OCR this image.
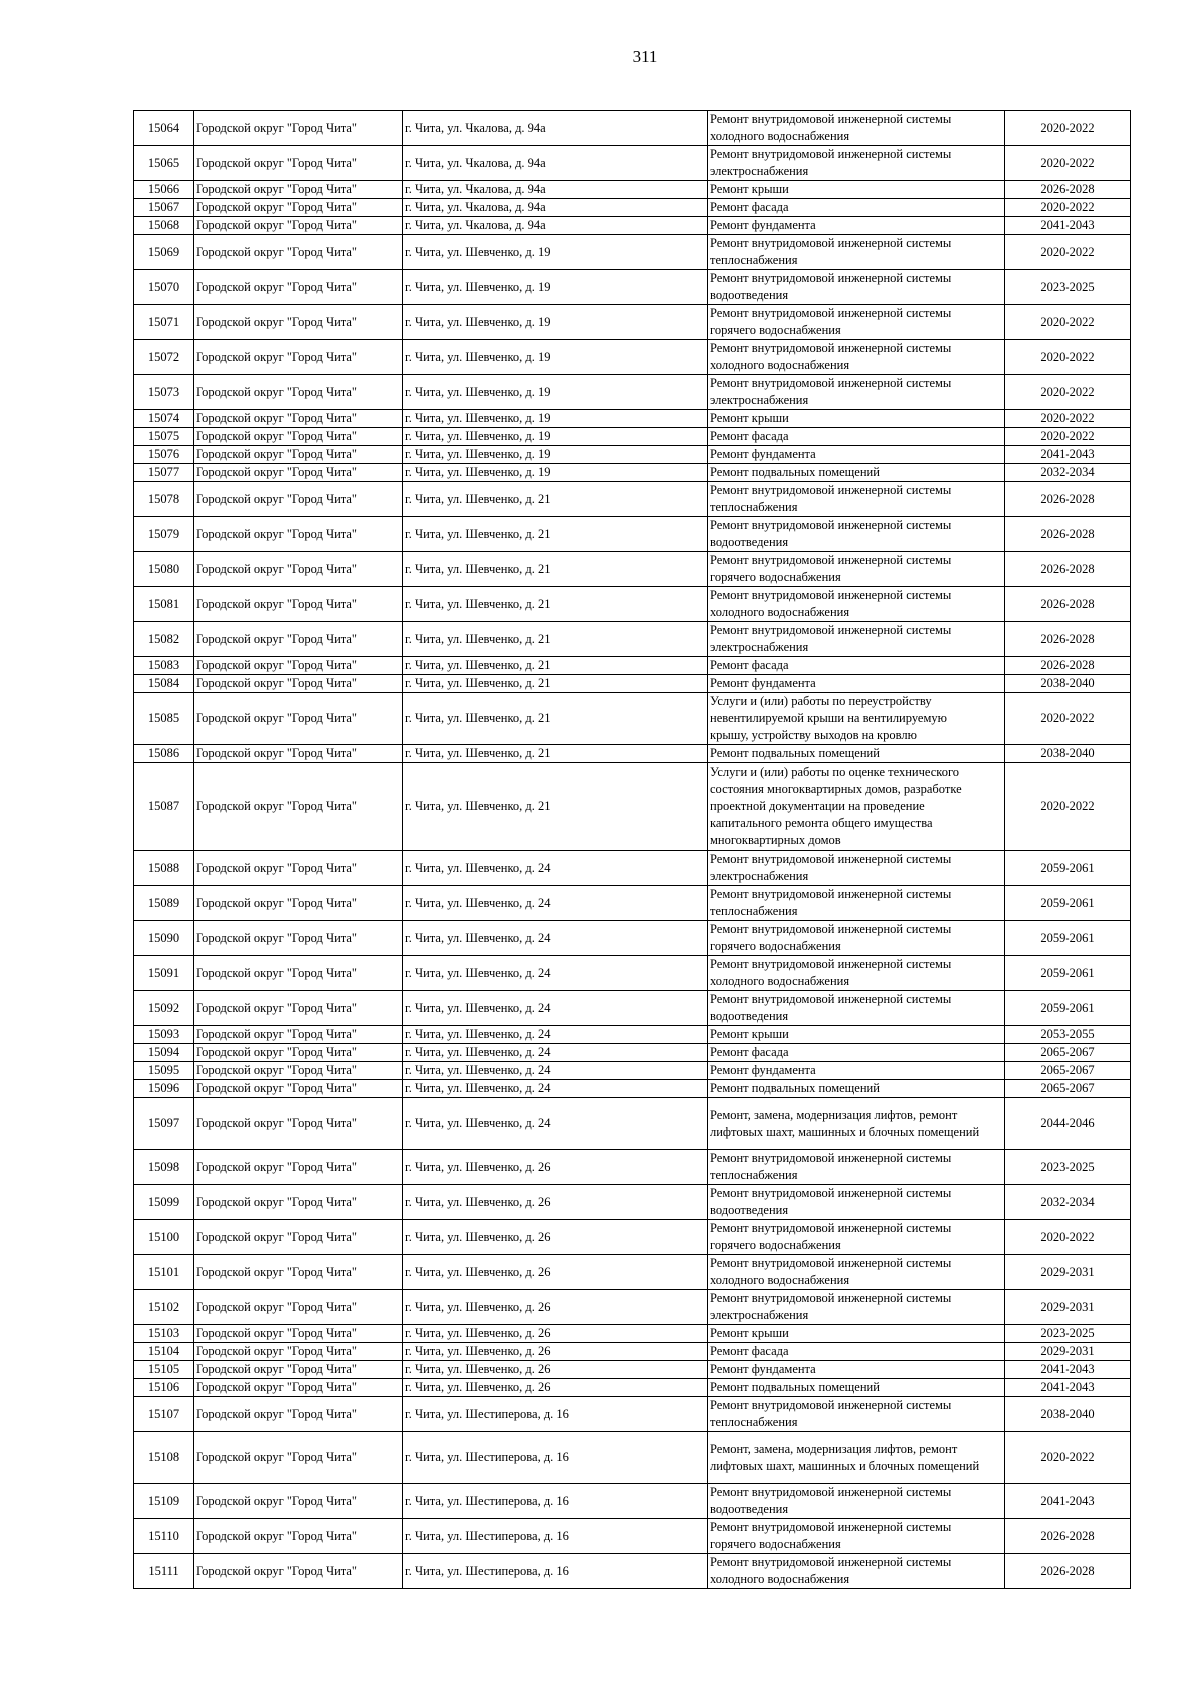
311
15064	Городской округ "Город Чита"	г. Чита, ул. Чкалова, д. 94а	Ремонт внутридомовой инженерной системы
холодного водоснабжения	2020-2022
15065	Городской округ "Город Чита"	г. Чита, ул. Чкалова, д. 94а	Ремонт внутридомовой инженерной системы
электроснабжения	2020-2022
15066	Городской округ "Город Чита"	г. Чита, ул. Чкалова, д. 94а	Ремонт крыши	2026-2028
15067	Городской округ "Город Чита"	г. Чита, ул. Чкалова, д. 94а	Ремонт фасада	2020-2022
15068	Городской округ "Город Чита"	г. Чита, ул. Чкалова, д. 94а	Ремонт фундамента	2041-2043
15069	Городской округ "Город Чита"	г. Чита, ул. Шевченко, д. 19	Ремонт внутридомовой инженерной системы
теплоснабжения	2020-2022
15070	Городской округ "Город Чита"	г. Чита, ул. Шевченко, д. 19	Ремонт внутридомовой инженерной системы
водоотведения	2023-2025
15071	Городской округ "Город Чита"	г. Чита, ул. Шевченко, д. 19	Ремонт внутридомовой инженерной системы
горячего водоснабжения	2020-2022
15072	Городской округ "Город Чита"	г. Чита, ул. Шевченко, д. 19	Ремонт внутридомовой инженерной системы
холодного водоснабжения	2020-2022
15073	Городской округ "Город Чита"	г. Чита, ул. Шевченко, д. 19	Ремонт внутридомовой инженерной системы
электроснабжения	2020-2022
15074	Городской округ "Город Чита"	г. Чита, ул. Шевченко, д. 19	Ремонт крыши	2020-2022
15075	Городской округ "Город Чита"	г. Чита, ул. Шевченко, д. 19	Ремонт фасада	2020-2022
15076	Городской округ "Город Чита"	г. Чита, ул. Шевченко, д. 19	Ремонт фундамента	2041-2043
15077	Городской округ "Город Чита"	г. Чита, ул. Шевченко, д. 19	Ремонт подвальных помещений	2032-2034
15078	Городской округ "Город Чита"	г. Чита, ул. Шевченко, д. 21	Ремонт внутридомовой инженерной системы
теплоснабжения	2026-2028
15079	Городской округ "Город Чита"	г. Чита, ул. Шевченко, д. 21	Ремонт внутридомовой инженерной системы
водоотведения	2026-2028
15080	Городской округ "Город Чита"	г. Чита, ул. Шевченко, д. 21	Ремонт внутридомовой инженерной системы
горячего водоснабжения	2026-2028
15081	Городской округ "Город Чита"	г. Чита, ул. Шевченко, д. 21	Ремонт внутридомовой инженерной системы
холодного водоснабжения	2026-2028
15082	Городской округ "Город Чита"	г. Чита, ул. Шевченко, д. 21	Ремонт внутридомовой инженерной системы
электроснабжения	2026-2028
15083	Городской округ "Город Чита"	г. Чита, ул. Шевченко, д. 21	Ремонт фасада	2026-2028
15084	Городской округ "Город Чита"	г. Чита, ул. Шевченко, д. 21	Ремонт фундамента	2038-2040
15085	Городской округ "Город Чита"	г. Чита, ул. Шевченко, д. 21	Услуги и (или) работы по переустройству
невентилируемой крыши на вентилируемую
крышу, устройству выходов на кровлю	2020-2022
15086	Городской округ "Город Чита"	г. Чита, ул. Шевченко, д. 21	Ремонт подвальных помещений	2038-2040
15087	Городской округ "Город Чита"	г. Чита, ул. Шевченко, д. 21	Услуги и (или) работы по оценке технического
состояния многоквартирных домов, разработке
проектной документации на проведение
капитального ремонта общего имущества
многоквартирных домов	2020-2022
15088	Городской округ "Город Чита"	г. Чита, ул. Шевченко, д. 24	Ремонт внутридомовой инженерной системы
электроснабжения	2059-2061
15089	Городской округ "Город Чита"	г. Чита, ул. Шевченко, д. 24	Ремонт внутридомовой инженерной системы
теплоснабжения	2059-2061
15090	Городской округ "Город Чита"	г. Чита, ул. Шевченко, д. 24	Ремонт внутридомовой инженерной системы
горячего водоснабжения	2059-2061
15091	Городской округ "Город Чита"	г. Чита, ул. Шевченко, д. 24	Ремонт внутридомовой инженерной системы
холодного водоснабжения	2059-2061
15092	Городской округ "Город Чита"	г. Чита, ул. Шевченко, д. 24	Ремонт внутридомовой инженерной системы
водоотведения	2059-2061
15093	Городской округ "Город Чита"	г. Чита, ул. Шевченко, д. 24	Ремонт крыши	2053-2055
15094	Городской округ "Город Чита"	г. Чита, ул. Шевченко, д. 24	Ремонт фасада	2065-2067
15095	Городской округ "Город Чита"	г. Чита, ул. Шевченко, д. 24	Ремонт фундамента	2065-2067
15096	Городской округ "Город Чита"	г. Чита, ул. Шевченко, д. 24	Ремонт подвальных помещений	2065-2067
15097	Городской округ "Город Чита"	г. Чита, ул. Шевченко, д. 24	Ремонт, замена, модернизация лифтов, ремонт
лифтовых шахт, машинных и блочных помещений	2044-2046
15098	Городской округ "Город Чита"	г. Чита, ул. Шевченко, д. 26	Ремонт внутридомовой инженерной системы
теплоснабжения	2023-2025
15099	Городской округ "Город Чита"	г. Чита, ул. Шевченко, д. 26	Ремонт внутридомовой инженерной системы
водоотведения	2032-2034
15100	Городской округ "Город Чита"	г. Чита, ул. Шевченко, д. 26	Ремонт внутридомовой инженерной системы
горячего водоснабжения	2020-2022
15101	Городской округ "Город Чита"	г. Чита, ул. Шевченко, д. 26	Ремонт внутридомовой инженерной системы
холодного водоснабжения	2029-2031
15102	Городской округ "Город Чита"	г. Чита, ул. Шевченко, д. 26	Ремонт внутридомовой инженерной системы
электроснабжения	2029-2031
15103	Городской округ "Город Чита"	г. Чита, ул. Шевченко, д. 26	Ремонт крыши	2023-2025
15104	Городской округ "Город Чита"	г. Чита, ул. Шевченко, д. 26	Ремонт фасада	2029-2031
15105	Городской округ "Город Чита"	г. Чита, ул. Шевченко, д. 26	Ремонт фундамента	2041-2043
15106	Городской округ "Город Чита"	г. Чита, ул. Шевченко, д. 26	Ремонт подвальных помещений	2041-2043
15107	Городской округ "Город Чита"	г. Чита, ул. Шестиперова, д. 16	Ремонт внутридомовой инженерной системы
теплоснабжения	2038-2040
15108	Городской округ "Город Чита"	г. Чита, ул. Шестиперова, д. 16	Ремонт, замена, модернизация лифтов, ремонт
лифтовых шахт, машинных и блочных помещений	2020-2022
15109	Городской округ "Город Чита"	г. Чита, ул. Шестиперова, д. 16	Ремонт внутридомовой инженерной системы
водоотведения	2041-2043
15110	Городской округ "Город Чита"	г. Чита, ул. Шестиперова, д. 16	Ремонт внутридомовой инженерной системы
горячего водоснабжения	2026-2028
15111	Городской округ "Город Чита"	г. Чита, ул. Шестиперова, д. 16	Ремонт внутридомовой инженерной системы
холодного водоснабжения	2026-2028
